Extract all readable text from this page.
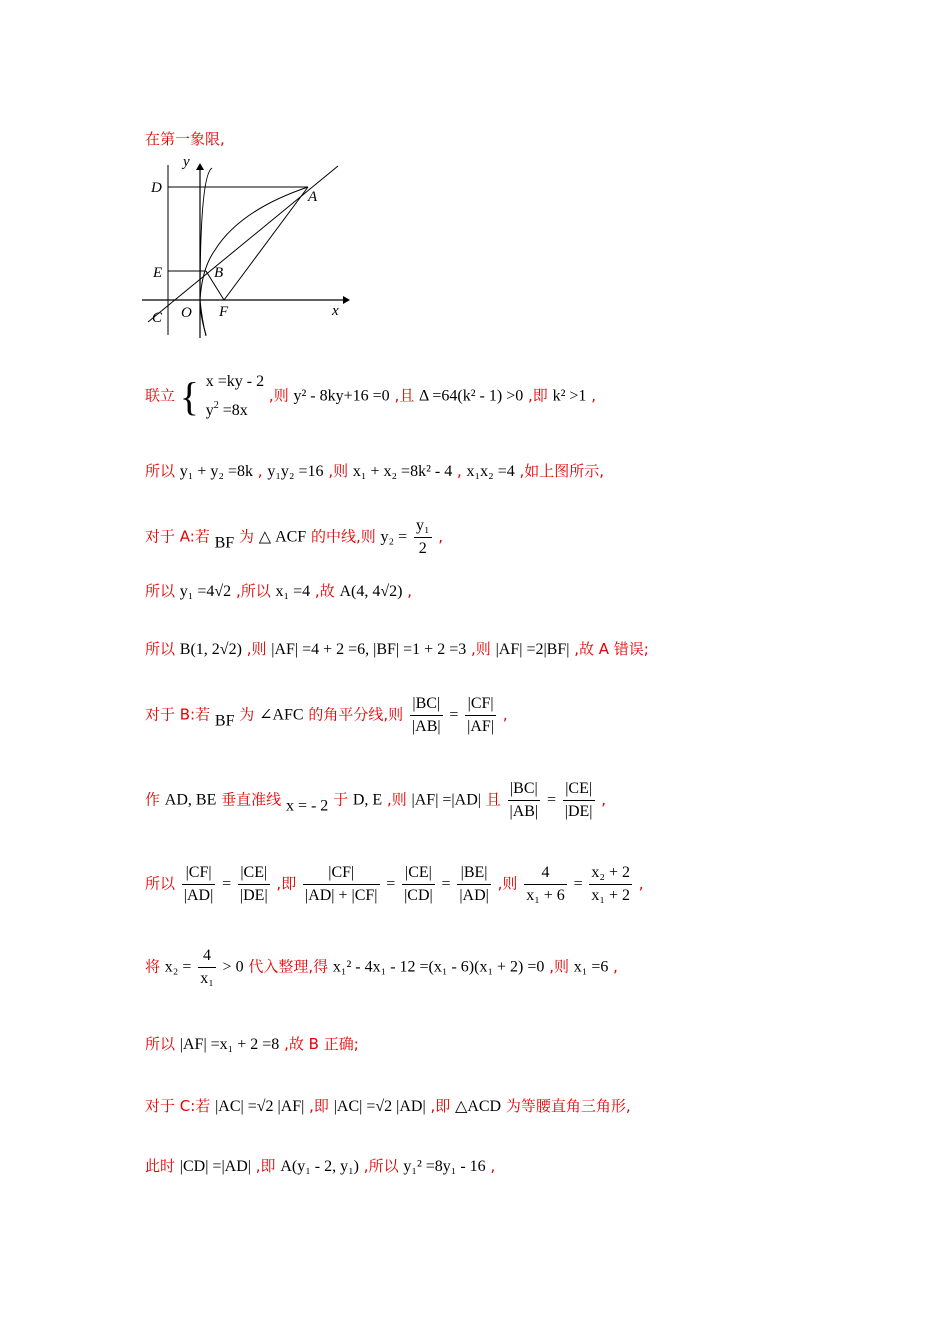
在第一象限,
y
x
D
A
E	B
C O F
联立 { x =ky - 2
$y^2 =8x$
,则 y² - 8ky+16 =0 ,且 Δ =64(k² - 1) >0 ,即 k² >1 ,
所以 y₁ + y₂ =8k , y₁y₂ =16 ,则 x₁ + x₂ =8k² - 4 , x₁x₂ =4 ,如上图所示,
对于 A:若 BF 为 △ ACF 的中线,则 $y_2 = \frac{\text{y₁}}{2}$ ,
所以 y₁ =4√2 ,所以 x₁ =4 ,故 A(4, 4√2) ,
所以 B(1, 2√2) ,则 |AF| =4 + 2 =6, |BF| =1 + 2 =3 ,则 |AF| =2|BF| ,故 A 错误;
对于 B:若 BF 为 ∠AFC 的角平分线,则 $\frac{|BC|}{|AB|} = \frac{|CF|}{|AF|}$ ,
作 AD, BE 垂直准线 x = - 2 于 D, E ,则 |AF| =|AD| 且 $\frac{|BC|}{|AB|} = \frac{|CE|}{|DE|}$ ,
所以 $\frac{|CF|}{|AD|} = \frac{|CE|}{|DE|}$ ,即 $\frac{|CF|}{|AD| + |CF|} = \frac{|CE|}{|CD|} = \frac{|BE|}{|AD|}$ ,则 $\frac{4}{\text{x₁ + 6}} = \frac{\text{x₂ + 2}}{\text{x₁ + 2}}$ ,
将 $x_2 = \frac{4}{\text{x₁}} > 0$ 代入整理,得 x₁² - 4x₁ - 12 =(x₁ - 6)(x₁ + 2) =0 ,则 x₁ =6 ,
所以 |AF| =x₁ + 2 =8 ,故 B 正确;
对于 C:若 |AC| =√2 |AF| ,即 |AC| =√2 |AD| ,即 △ACD 为等腰直角三角形,
此时 |CD| =|AD| ,即 A(y₁ - 2, y₁) ,所以 y₁² =8y₁ - 16 ,
